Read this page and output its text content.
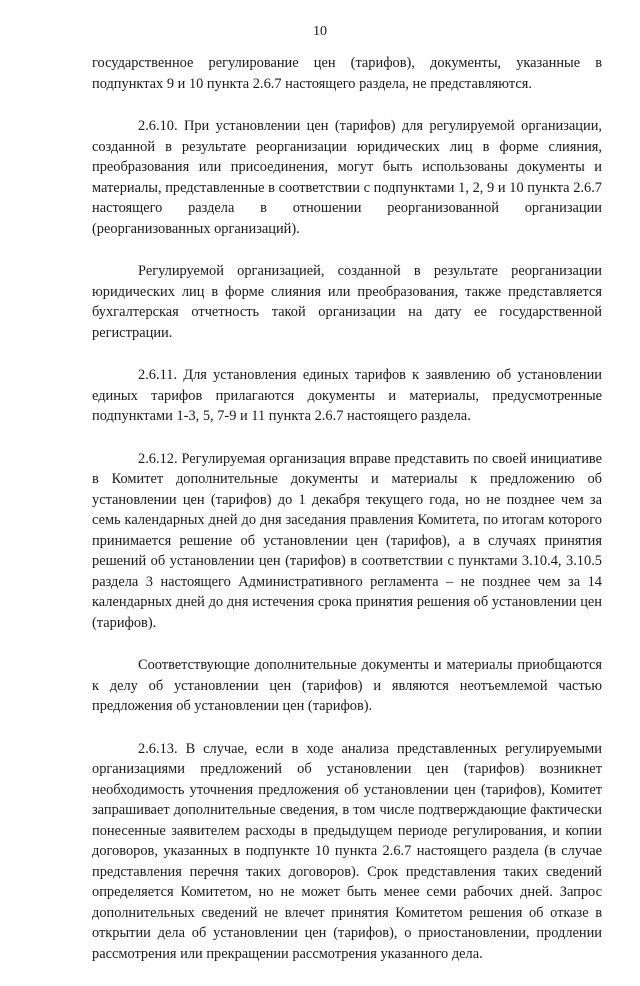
10

государственное регулирование цен (тарифов), документы, указанные в подпунктах 9 и 10 пункта 2.6.7 настоящего раздела, не представляются.

2.6.10. При установлении цен (тарифов) для регулируемой организации, созданной в результате реорганизации юридических лиц в форме слияния, преобразования или присоединения, могут быть использованы документы и материалы, представленные в соответствии с подпунктами 1, 2, 9 и 10 пункта 2.6.7 настоящего раздела в отношении реорганизованной организации (реорганизованных организаций).

Регулируемой организацией, созданной в результате реорганизации юридических лиц в форме слияния или преобразования, также представляется бухгалтерская отчетность такой организации на дату ее государственной регистрации.

2.6.11. Для установления единых тарифов к заявлению об установлении единых тарифов прилагаются документы и материалы, предусмотренные подпунктами 1-3, 5, 7-9 и 11 пункта 2.6.7 настоящего раздела.

2.6.12. Регулируемая организация вправе представить по своей инициативе в Комитет дополнительные документы и материалы к предложению об установлении цен (тарифов) до 1 декабря текущего года, но не позднее чем за семь календарных дней до дня заседания правления Комитета, по итогам которого принимается решение об установлении цен (тарифов), а в случаях принятия решений об установлении цен (тарифов) в соответствии с пунктами 3.10.4, 3.10.5 раздела 3 настоящего Административного регламента – не позднее чем за 14 календарных дней до дня истечения срока принятия решения об установлении цен (тарифов).

Соответствующие дополнительные документы и материалы приобщаются к делу об установлении цен (тарифов) и являются неотъемлемой частью предложения об установлении цен (тарифов).

2.6.13. В случае, если в ходе анализа представленных регулируемыми организациями предложений об установлении цен (тарифов) возникнет необходимость уточнения предложения об установлении цен (тарифов), Комитет запрашивает дополнительные сведения, в том числе подтверждающие фактически понесенные заявителем расходы в предыдущем периоде регулирования, и копии договоров, указанных в подпункте 10 пункта 2.6.7 настоящего раздела (в случае представления перечня таких договоров). Срок представления таких сведений определяется Комитетом, но не может быть менее семи рабочих дней. Запрос дополнительных сведений не влечет принятия Комитетом решения об отказе в открытии дела об установлении цен (тарифов), о приостановлении, продлении рассмотрения или прекращении рассмотрения указанного дела.
